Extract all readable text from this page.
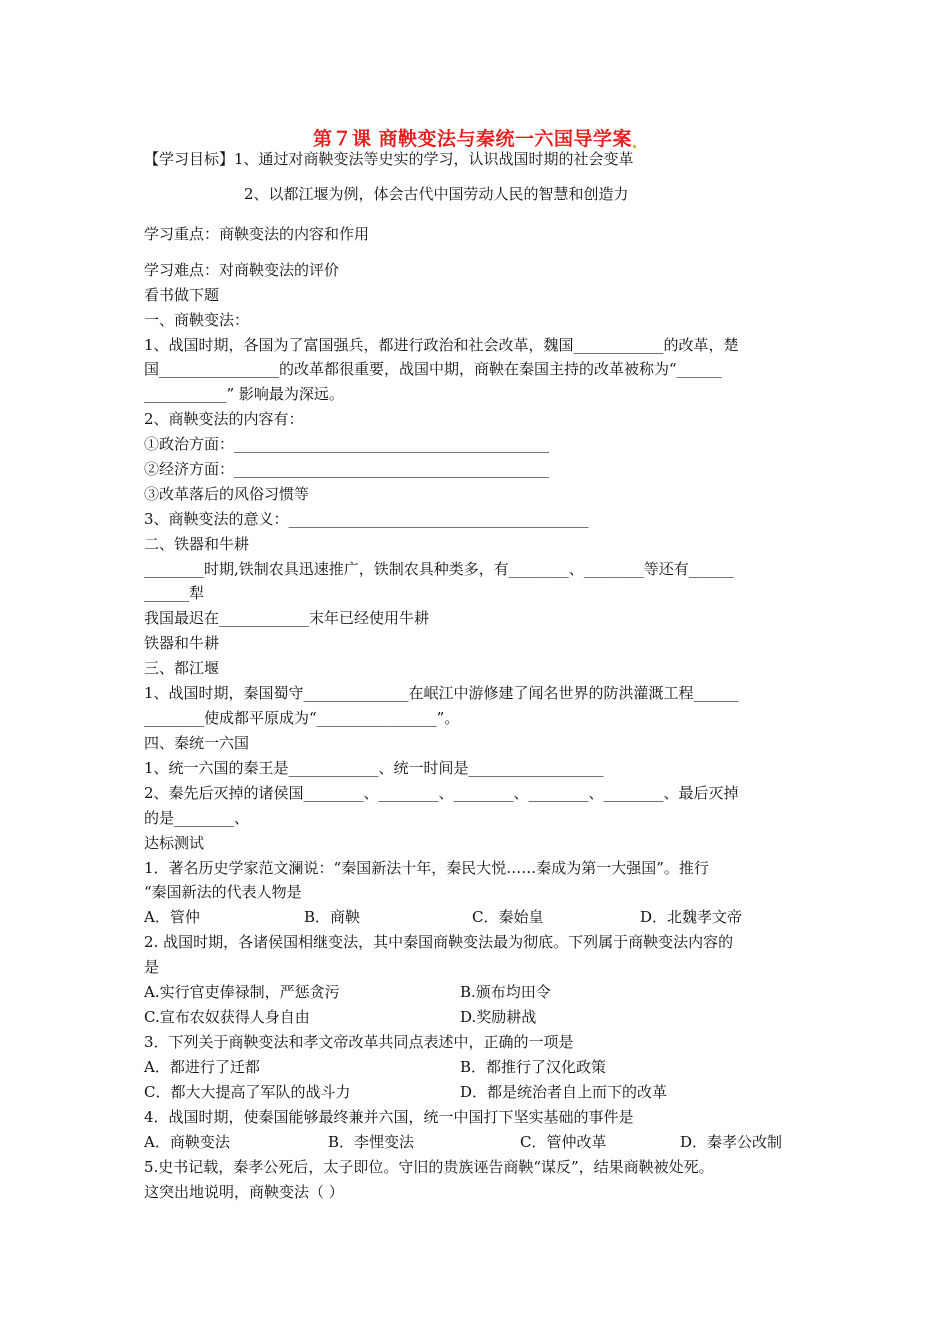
第７课 商鞅变法与秦统一六国导学案
【学习目标】1、通过对商鞅变法等史实的学习，认识战国时期的社会变革
2、以都江堰为例，体会古代中国劳动人民的智慧和创造力
学习重点：商鞅变法的内容和作用
学习难点：对商鞅变法的评价
看书做下题
一、商鞅变法：
1、战国时期，各国为了富国强兵，都进行政治和社会改革，魏国____________的改革，楚
国________________的改革都很重要，战国中期，商鞅在秦国主持的改革被称为“______
___________” 影响最为深远。
2、商鞅变法的内容有：
①政治方面：__________________________________________
②经济方面：__________________________________________
③改革落后的风俗习惯等
3、商鞅变法的意义：________________________________________
二、铁器和牛耕
________时期,铁制农具迅速推广，铁制农具种类多，有________、________等还有______
______犁
我国最迟在____________末年已经使用牛耕
铁器和牛耕
三、都江堰
1、战国时期，秦国蜀守______________在岷江中游修建了闻名世界的防洪灌溉工程______
________使成都平原成为“________________”。
四、秦统一六国
1、统一六国的秦王是____________、统一时间是__________________
2、秦先后灭掉的诸侯国________、________、________、________、________、最后灭掉
的是________、
达标测试
1．著名历史学家范文澜说：“秦国新法十年，秦民大悦……秦成为第一大强国”。推行
“秦国新法的代表人物是
A．管仲	B．商鞅	C．秦始皇	D．北魏孝文帝
2. 战国时期，各诸侯国相继变法，其中秦国商鞅变法最为彻底。下列属于商鞅变法内容的
是
A.实行官吏俸禄制，严惩贪污	B.颁布均田令
C.宣布农奴获得人身自由	D.奖励耕战
3．下列关于商鞅变法和孝文帝改革共同点表述中，正确的一项是
A．都进行了迁都	B．都推行了汉化政策
C．都大大提高了军队的战斗力	D．都是统治者自上而下的改革
4．战国时期，使秦国能够最终兼并六国，统一中国打下坚实基础的事件是
A．商鞅变法	B．李悝变法	C．管仲改革	D．秦孝公改制
5.史书记载，秦孝公死后，太子即位。守旧的贵族诬告商鞅“谋反”，结果商鞅被处死。
这突出地说明，商鞅变法（ ）
